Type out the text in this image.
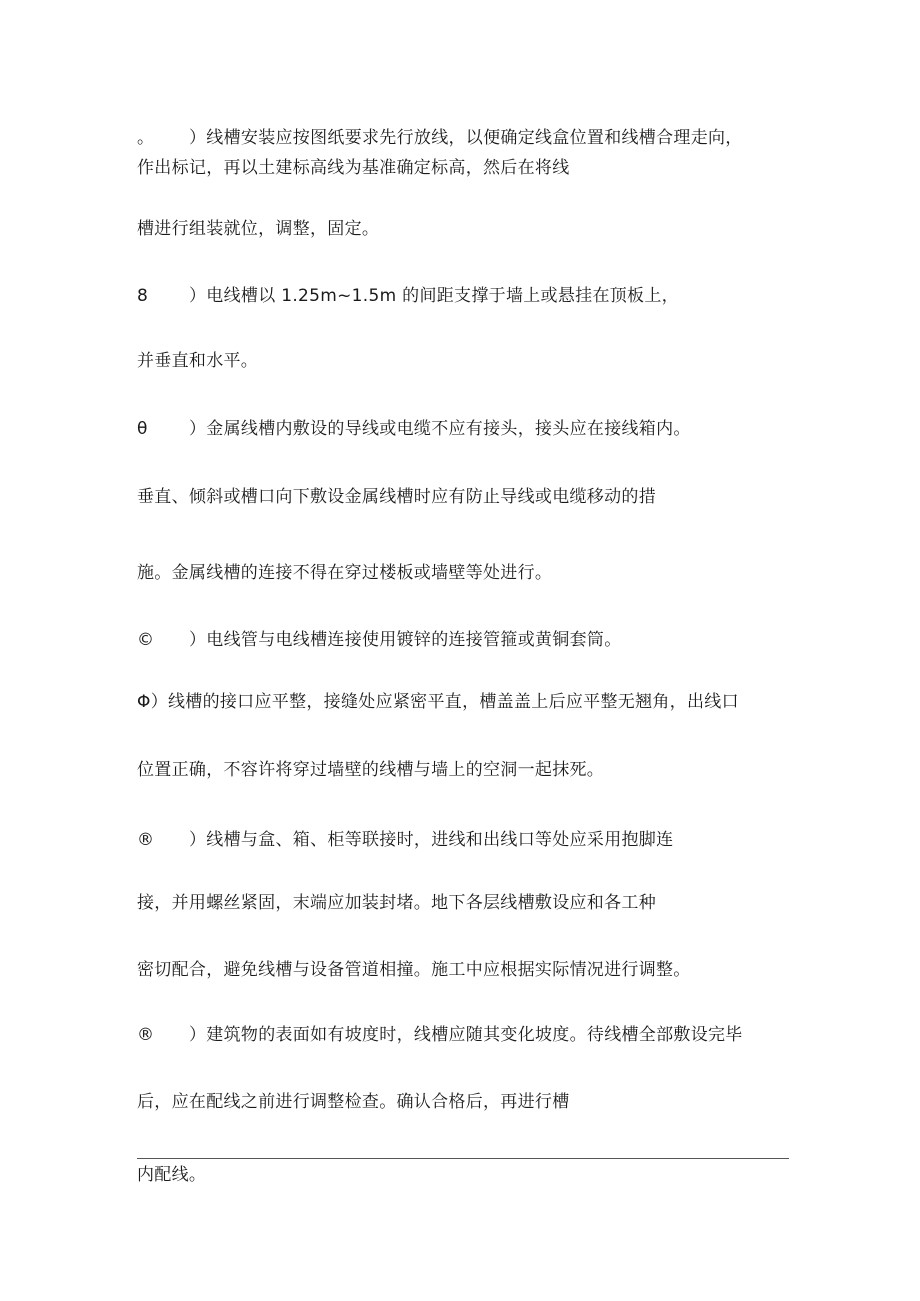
。 ）线槽安装应按图纸要求先行放线，以便确定线盒位置和线槽合理走向，
作出标记，再以土建标高线为基准确定标高，然后在将线
槽进行组装就位，调整，固定。
8 ）电线槽以 1.25m~1.5m 的间距支撑于墙上或悬挂在顶板上，
并垂直和水平。
θ ）金属线槽内敷设的导线或电缆不应有接头，接头应在接线箱内。
垂直、倾斜或槽口向下敷设金属线槽时应有防止导线或电缆移动的措
施。金属线槽的连接不得在穿过楼板或墙壁等处进行。
© ）电线管与电线槽连接使用镀锌的连接管箍或黄铜套筒。
Φ）线槽的接口应平整，接缝处应紧密平直，槽盖盖上后应平整无翘角，出线口
位置正确，不容许将穿过墙壁的线槽与墙上的空洞一起抹死。
® ）线槽与盒、箱、柜等联接时，进线和出线口等处应采用抱脚连
接，并用螺丝紧固，末端应加装封堵。地下各层线槽敷设应和各工种
密切配合，避免线槽与设备管道相撞。施工中应根据实际情况进行调整。
® ）建筑物的表面如有坡度时，线槽应随其变化坡度。待线槽全部敷设完毕
后，应在配线之前进行调整检查。确认合格后，再进行槽
内配线。
